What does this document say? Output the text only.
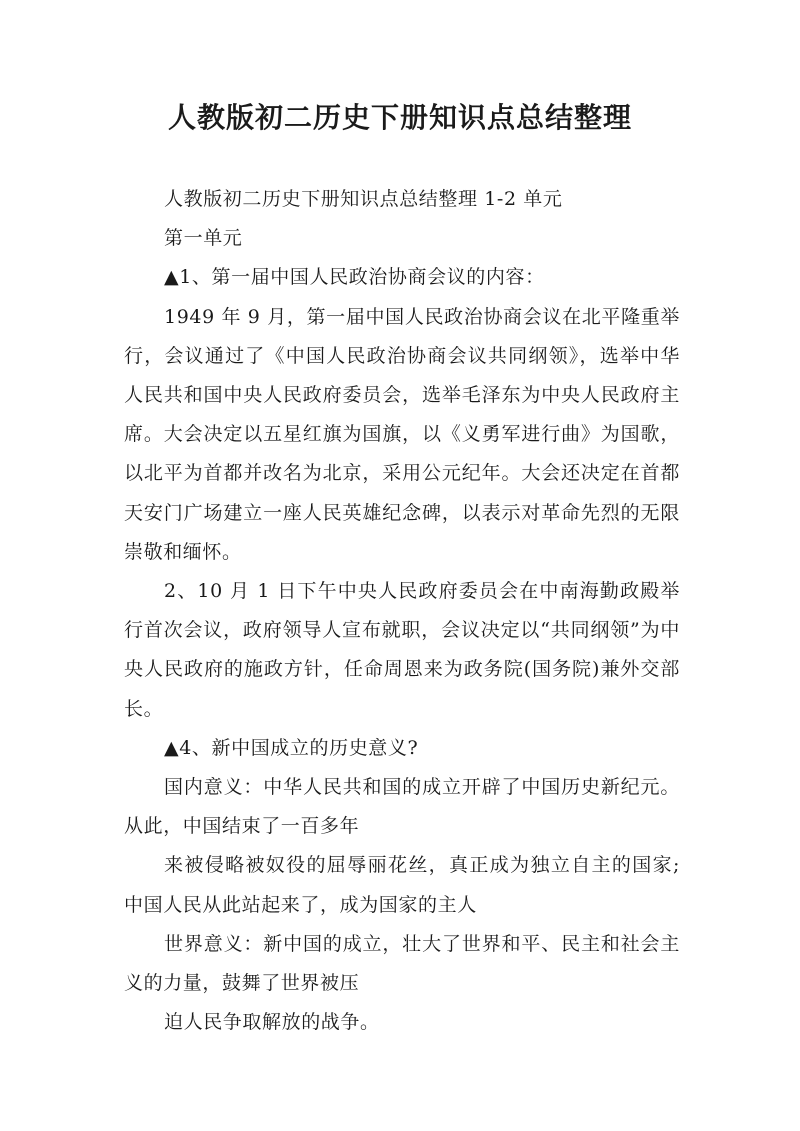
人教版初二历史下册知识点总结整理

人教版初二历史下册知识点总结整理 1-2 单元

第一单元

▲1、第一届中国人民政治协商会议的内容：

1949 年 9 月，第一届中国人民政治协商会议在北平隆重举行，会议通过了《中国人民政治协商会议共同纲领》，选举中华人民共和国中央人民政府委员会，选举毛泽东为中央人民政府主席。大会决定以五星红旗为国旗，以《义勇军进行曲》为国歌，以北平为首都并改名为北京，采用公元纪年。大会还决定在首都天安门广场建立一座人民英雄纪念碑，以表示对革命先烈的无限崇敬和缅怀。

2、10 月 1 日下午中央人民政府委员会在中南海勤政殿举行首次会议，政府领导人宣布就职，会议决定以“共同纲领”为中央人民政府的施政方针，任命周恩来为政务院(国务院)兼外交部长。

▲4、新中国成立的历史意义?

国内意义：中华人民共和国的成立开辟了中国历史新纪元。从此，中国结束了一百多年

来被侵略被奴役的屈辱丽花丝，真正成为独立自主的国家;中国人民从此站起来了，成为国家的主人

世界意义：新中国的成立，壮大了世界和平、民主和社会主义的力量，鼓舞了世界被压

迫人民争取解放的战争。
